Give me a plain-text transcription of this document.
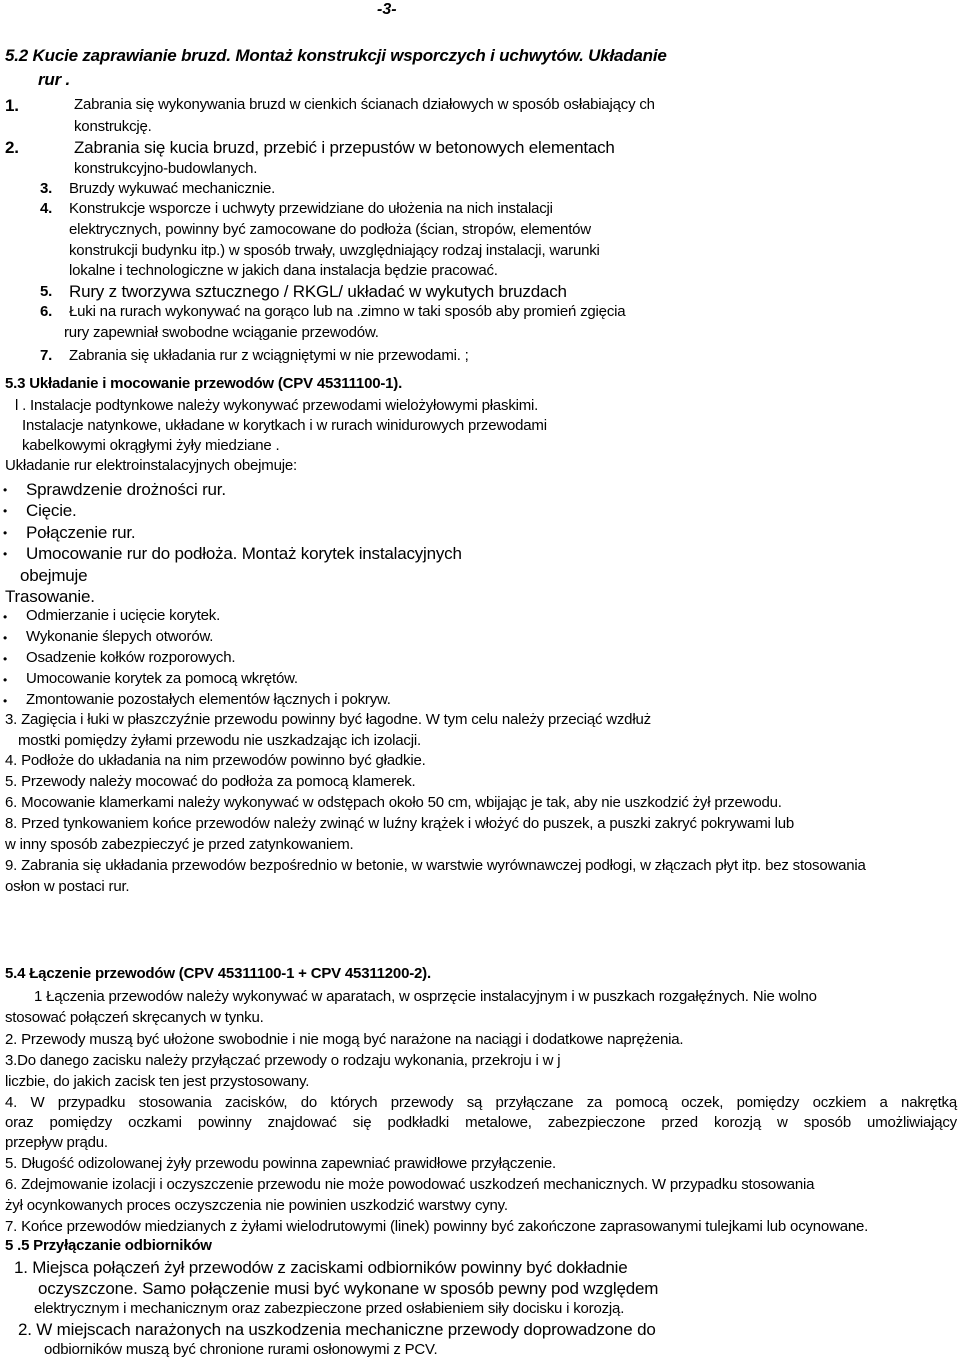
-3-
5.2 Kucie zaprawianie bruzd. Montaż konstrukcji wsporczych i uchwytów. Układanie
rur .
1.	Zabrania się wykonywania bruzd w cienkich ścianach działowych w sposób osłabiający ch
konstrukcję.
2.	Zabrania się kucia bruzd, przebić i przepustów w betonowych elementach
konstrukcyjno-budowlanych.
3. Bruzdy wykuwać mechanicznie.
4. Konstrukcje wsporcze i uchwyty przewidziane do ułożenia na nich instalacji
elektrycznych, powinny być zamocowane do podłoża (ścian, stropów, elementów
konstrukcji budynku itp.) w sposób trwały, uwzględniający rodzaj instalacji, warunki
lokalne i technologiczne w jakich dana instalacja będzie pracować.
5. Rury z tworzywa sztucznego / RKGL/ układać w wykutych bruzdach
6. Łuki na rurach wykonywać na gorąco lub na .zimno w taki sposób aby promień zgięcia
rury zapewniał swobodne wciąganie przewodów.
7. Zabrania się układania rur z wciągniętymi w nie przewodami. ;
5.3 Układanie i mocowanie przewodów (CPV 45311100-1).
l . Instalacje podtynkowe należy wykonywać przewodami wielożyłowymi płaskimi.
Instalacje natynkowe, układane w korytkach i w rurach winidurowych przewodami
kabelkowymi okrągłymi żyły miedziane .
Układanie rur elektroinstalacyjnych obejmuje:
• Sprawdzenie drożności rur.
• Cięcie.
• Połączenie rur.
• Umocowanie rur do podłoża. Montaż korytek instalacyjnych
obejmuje
Trasowanie.
• Odmierzanie i ucięcie korytek.
• Wykonanie ślepych otworów.
• Osadzenie kołków rozporowych.
• Umocowanie korytek za pomocą wkrętów.
• Zmontowanie pozostałych elementów łącznych i pokryw.
3. Zagięcia i łuki w płaszczyźnie przewodu powinny być łagodne. W tym celu należy przeciąć wzdłuż
mostki pomiędzy żyłami przewodu nie uszkadzając ich izolacji.
4. Podłoże do układania na nim przewodów powinno być gładkie.
5. Przewody należy mocować do podłoża za pomocą klamerek.
6. Mocowanie klamerkami należy wykonywać w odstępach około 50 cm, wbijając je tak, aby nie uszkodzić żył przewodu.
8. Przed tynkowaniem końce przewodów należy zwinąć w luźny krążek i włożyć do puszek, a puszki zakryć pokrywami lub
w inny sposób zabezpieczyć je przed zatynkowaniem.
9. Zabrania się układania przewodów bezpośrednio w betonie, w warstwie wyrównawczej podłogi, w złączach płyt itp. bez stosowania
osłon w postaci rur.
5.4 Łączenie przewodów (CPV 45311100-1 + CPV 45311200-2).
1 Łączenia przewodów należy wykonywać w aparatach, w osprzęcie instalacyjnym i w puszkach rozgałęźnych. Nie wolno
stosować połączeń skręcanych w tynku.
2. Przewody muszą być ułożone swobodnie i nie mogą być narażone na naciągi i dodatkowe naprężenia.
3.Do danego zacisku należy przyłączać przewody o rodzaju wykonania, przekroju i w j
liczbie, do jakich zacisk ten jest przystosowany.
4. W przypadku stosowania zacisków, do których przewody są przyłączane za pomocą oczek, pomiędzy oczkiem a nakrętką
oraz pomiędzy oczkami powinny znajdować się podkładki metalowe, zabezpieczone przed korozją w sposób umożliwiający
przepływ prądu.
5. Długość odizolowanej żyły przewodu powinna zapewniać prawidłowe przyłączenie.
6. Zdejmowanie izolacji i oczyszczenie przewodu nie może powodować uszkodzeń mechanicznych. W przypadku stosowania
żył ocynkowanych proces oczyszczenia nie powinien uszkodzić warstwy cyny.
7. Końce przewodów miedzianych z żyłami wielodrutowymi (linek) powinny być zakończone zaprasowanymi tulejkami lub ocynowane.
5 .5 Przyłączanie odbiorników
1. Miejsca połączeń żył przewodów z zaciskami odbiorników powinny być dokładnie
oczyszczone. Samo połączenie musi być wykonane w sposób pewny pod względem
elektrycznym i mechanicznym oraz zabezpieczone przed osłabieniem siły docisku i korozją.
2. W miejscach narażonych na uszkodzenia mechaniczne przewody doprowadzone do
odbiorników muszą być chronione rurami osłonowymi z PCV.
